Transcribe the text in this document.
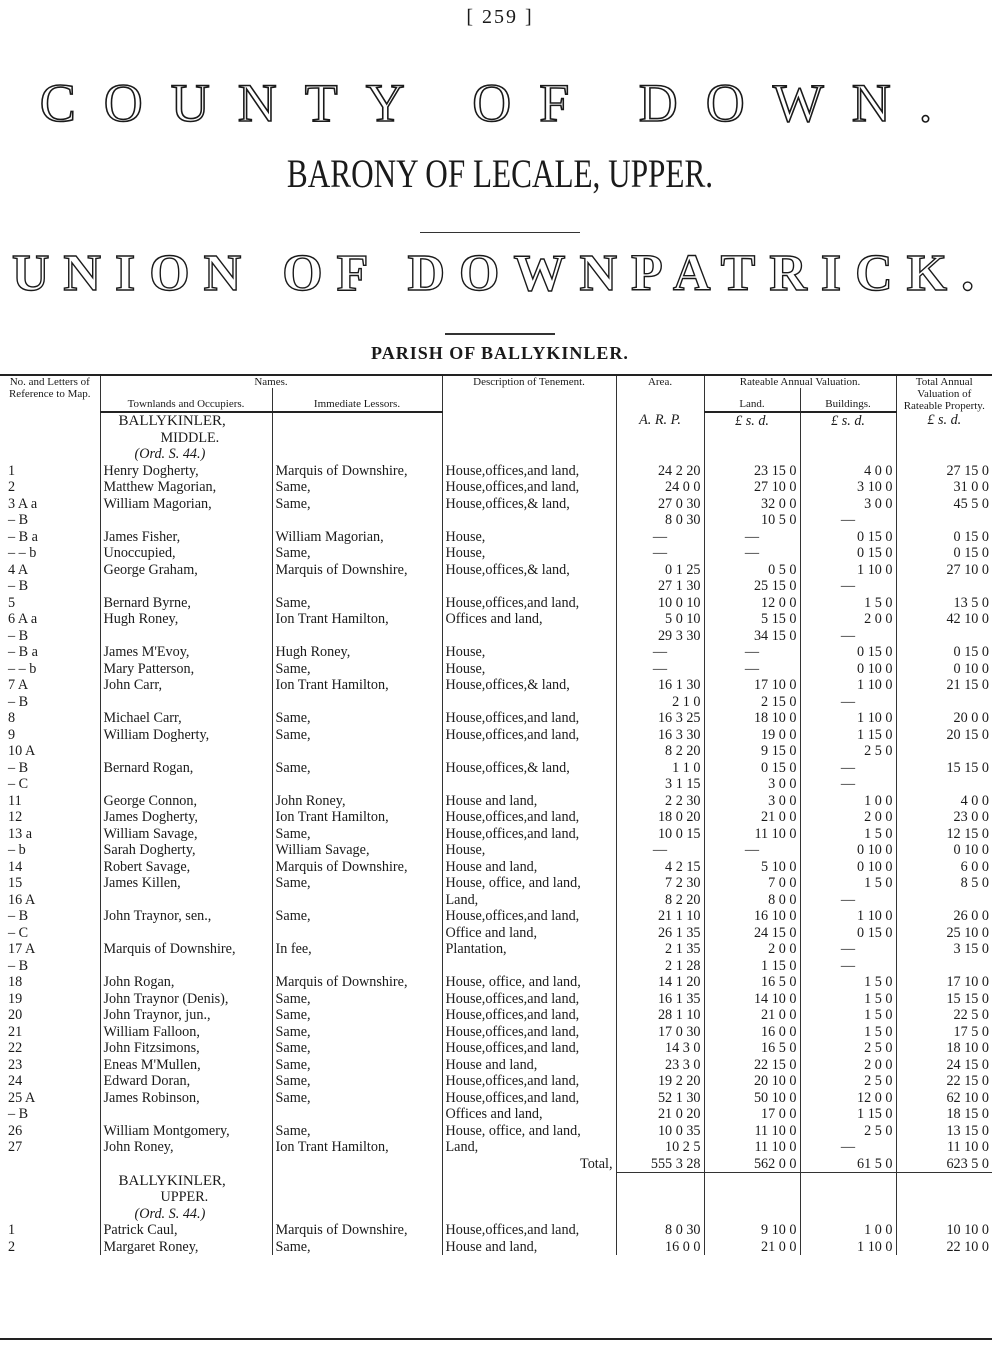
[ 259 ]
COUNTY OF DOWN.
BARONY OF LECALE, UPPER.
UNION OF DOWNPATRICK.
PARISH OF BALLYKINLER.
No. and Letters of Reference to Map.	Names.		Description of Tenement.	Area.	Rateable Annual Valuation.		Total Annual Valuation of Rateable Property.
	Townlands and Occupiers.	Immediate Lessors.			Land.	Buildings.	
	BALLYKINLER,			A. R. P.	£ s. d.	£ s. d.	£ s. d.
	MIDDLE.						
	(Ord. S. 44.)						
1	Henry Dogherty,	Marquis of Downshire,	House,offices,and land,	24 2 20	23 15 0	4 0 0	27 15 0
2	Matthew Magorian,	Same,	House,offices,and land,	24 0 0	27 10 0	3 10 0	31 0 0
3 A a	William Magorian,	Same,	House,offices,& land,	27 0 30	32 0 0	3 0 0	45 5 0
– B				8 0 30	10 5 0	—	
– B a	James Fisher,	William Magorian,	House,	—	—	0 15 0	0 15 0
– – b	Unoccupied,	Same,	House,	—	—	0 15 0	0 15 0
4 A	George Graham,	Marquis of Downshire,	House,offices,& land,	0 1 25	0 5 0	1 10 0	27 10 0
– B				27 1 30	25 15 0	—	
5	Bernard Byrne,	Same,	House,offices,and land,	10 0 10	12 0 0	1 5 0	13 5 0
6 A a	Hugh Roney,	Ion Trant Hamilton,	Offices and land,	5 0 10	5 15 0	2 0 0	42 10 0
– B				29 3 30	34 15 0	—	
– B a	James M'Evoy,	Hugh Roney,	House,	—	—	0 15 0	0 15 0
– – b	Mary Patterson,	Same,	House,	—	—	0 10 0	0 10 0
7 A	John Carr,	Ion Trant Hamilton,	House,offices,& land,	16 1 30	17 10 0	1 10 0	21 15 0
– B				2 1 0	2 15 0	—	
8	Michael Carr,	Same,	House,offices,and land,	16 3 25	18 10 0	1 10 0	20 0 0
9	William Dogherty,	Same,	House,offices,and land,	16 3 30	19 0 0	1 15 0	20 15 0
10 A				8 2 20	9 15 0	2 5 0	
– B	Bernard Rogan,	Same,	House,offices,& land,	1 1 0	0 15 0	—	15 15 0
– C				3 1 15	3 0 0	—	
11	George Connon,	John Roney,	House and land,	2 2 30	3 0 0	1 0 0	4 0 0
12	James Dogherty,	Ion Trant Hamilton,	House,offices,and land,	18 0 20	21 0 0	2 0 0	23 0 0
13 a	William Savage,	Same,	House,offices,and land,	10 0 15	11 10 0	1 5 0	12 15 0
– b	Sarah Dogherty,	William Savage,	House,	—	—	0 10 0	0 10 0
14	Robert Savage,	Marquis of Downshire,	House and land,	4 2 15	5 10 0	0 10 0	6 0 0
15	James Killen,	Same,	House, office, and land,	7 2 30	7 0 0	1 5 0	8 5 0
16 A			Land,	8 2 20	8 0 0	—	
– B	John Traynor, sen.,	Same,	House,offices,and land,	21 1 10	16 10 0	1 10 0	26 0 0
– C			Office and land,	26 1 35	24 15 0	0 15 0	25 10 0
17 A	Marquis of Downshire,	In fee,	Plantation,	2 1 35	2 0 0	—	3 15 0
– B				2 1 28	1 15 0	—	
18	John Rogan,	Marquis of Downshire,	House, office, and land,	14 1 20	16 5 0	1 5 0	17 10 0
19	John Traynor (Denis),	Same,	House,offices,and land,	16 1 35	14 10 0	1 5 0	15 15 0
20	John Traynor, jun.,	Same,	House,offices,and land,	28 1 10	21 0 0	1 5 0	22 5 0
21	William Falloon,	Same,	House,offices,and land,	17 0 30	16 0 0	1 5 0	17 5 0
22	John Fitzsimons,	Same,	House,offices,and land,	14 3 0	16 5 0	2 5 0	18 10 0
23	Eneas M'Mullen,	Same,	House and land,	23 3 0	22 15 0	2 0 0	24 15 0
24	Edward Doran,	Same,	House,offices,and land,	19 2 20	20 10 0	2 5 0	22 15 0
25 A	James Robinson,	Same,	House,offices,and land,	52 1 30	50 10 0	12 0 0	62 10 0
– B			Offices and land,	21 0 20	17 0 0	1 15 0	18 15 0
26	William Montgomery,	Same,	House, office, and land,	10 0 35	11 10 0	2 5 0	13 15 0
27	John Roney,	Ion Trant Hamilton,	Land,	10 2 5	11 10 0	—	11 10 0
			Total,	555 3 28	562 0 0	61 5 0	623 5 0
	BALLYKINLER,						
	UPPER.						
	(Ord. S. 44.)						
1	Patrick Caul,	Marquis of Downshire,	House,offices,and land,	8 0 30	9 10 0	1 0 0	10 10 0
2	Margaret Roney,	Same,	House and land,	16 0 0	21 0 0	1 10 0	22 10 0
